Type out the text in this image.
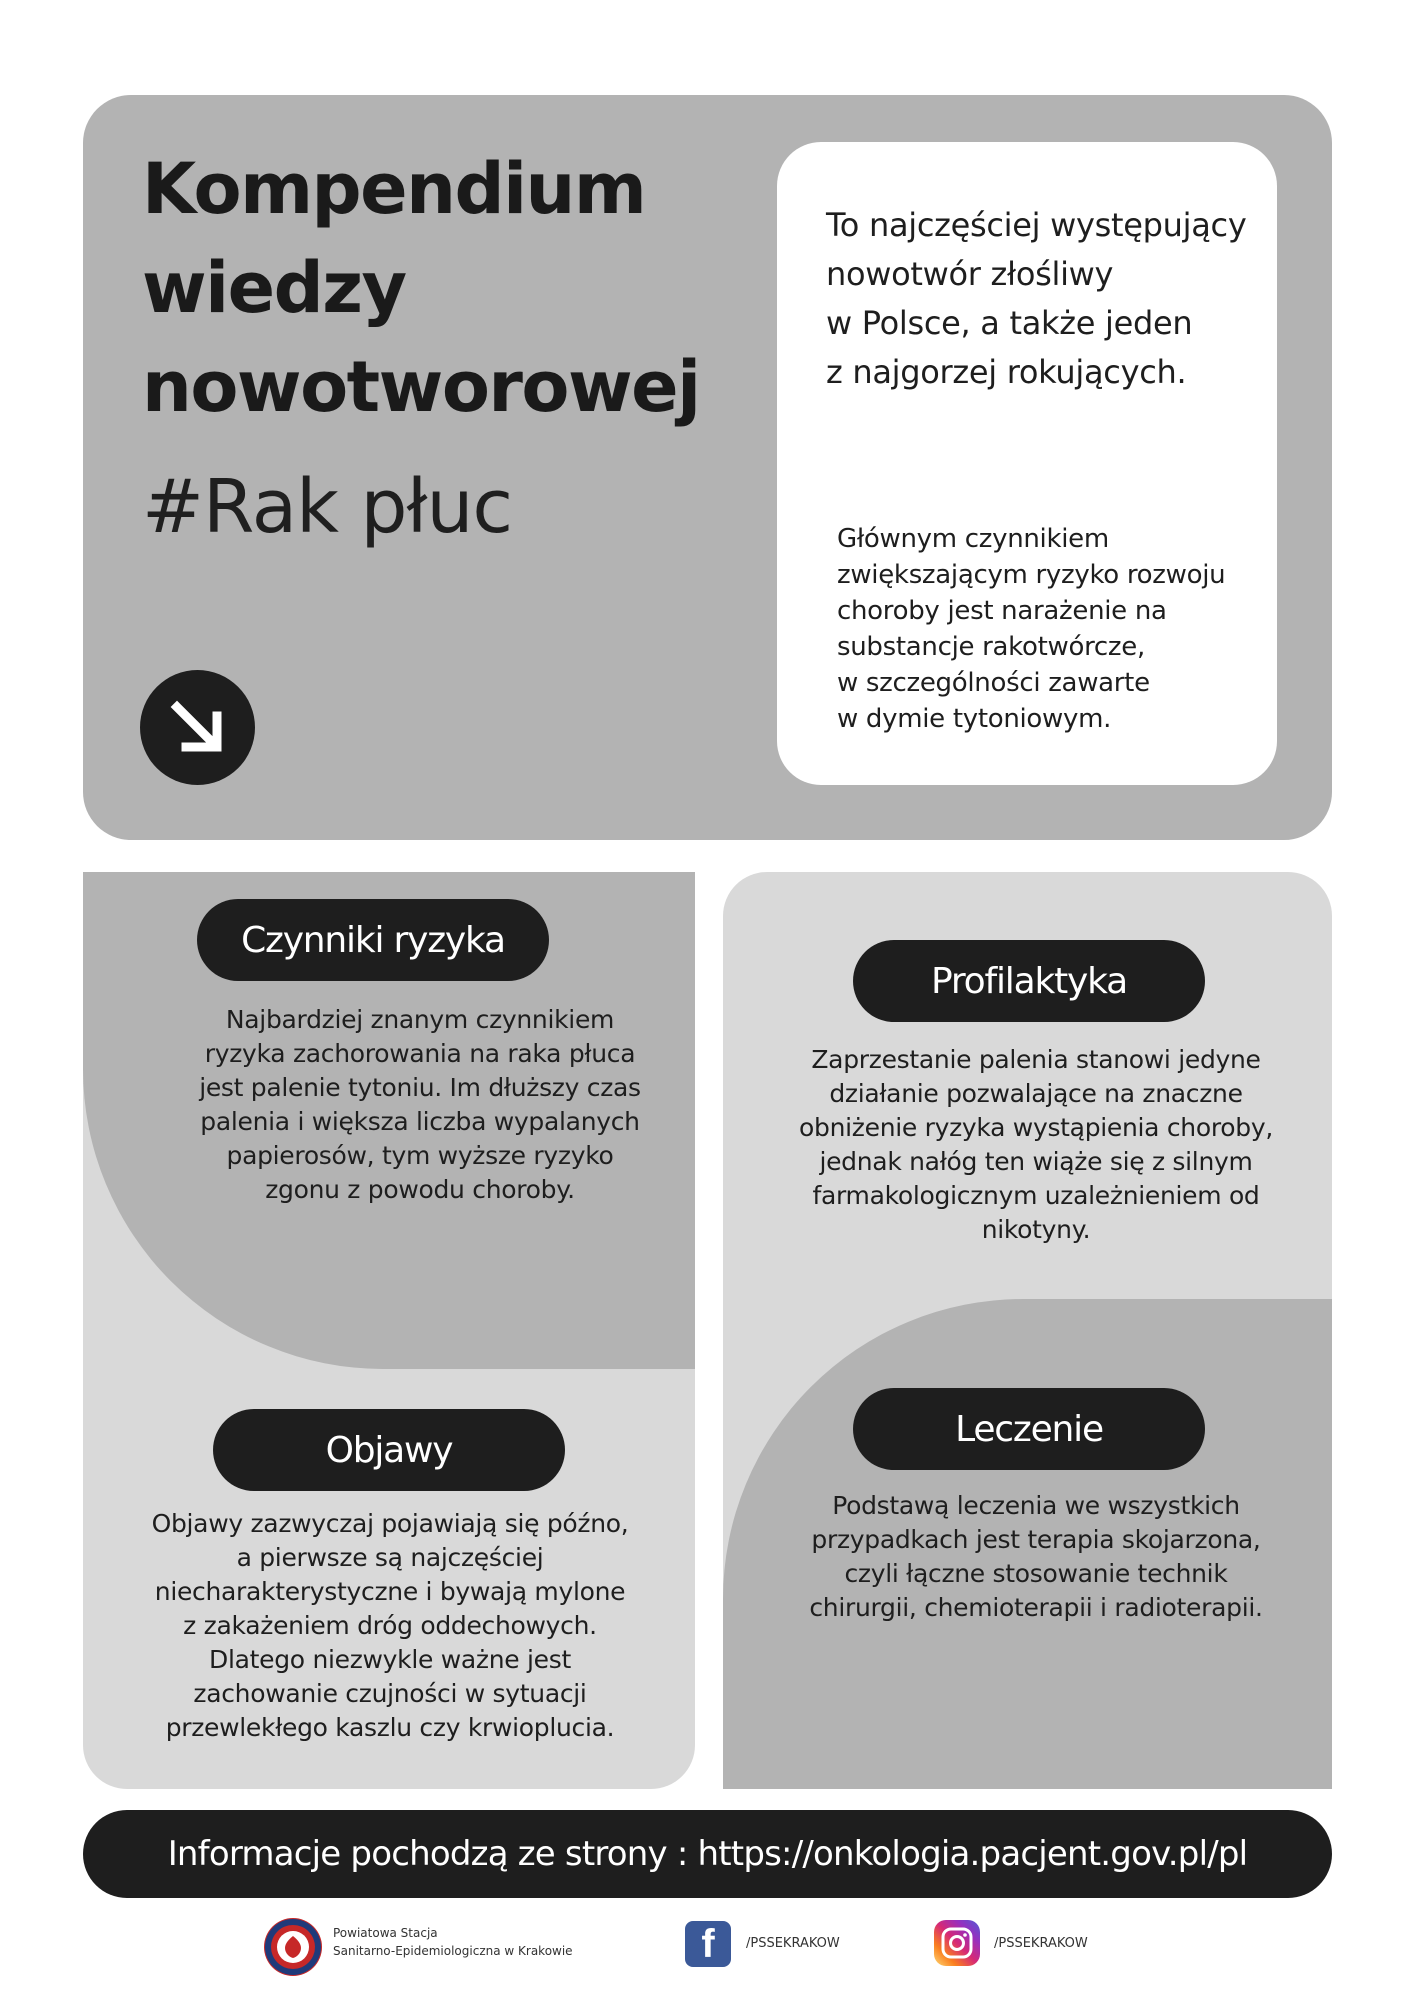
Kompendium
wiedzy
nowotworowej
#Rak płuc

To najczęściej występujący
nowotwór złośliwy
w Polsce, a także jeden
z najgorzej rokujących.

Głównym czynnikiem
zwiększającym ryzyko rozwoju
choroby jest narażenie na
substancje rakotwórcze,
w szczególności zawarte
w dymie tytoniowym.

Czynniki ryzyka

Najbardziej znanym czynnikiem
ryzyka zachorowania na raka płuca
jest palenie tytoniu. Im dłuższy czas
palenia i większa liczba wypalanych
papierosów, tym wyższe ryzyko
zgonu z powodu choroby.

Objawy

Objawy zazwyczaj pojawiają się późno,
a pierwsze są najczęściej
niecharakterystyczne i bywają mylone
z zakażeniem dróg oddechowych.
Dlatego niezwykle ważne jest
zachowanie czujności w sytuacji
przewlekłego kaszlu czy krwioplucia.

Profilaktyka

Zaprzestanie palenia stanowi jedyne
działanie pozwalające na znaczne
obniżenie ryzyka wystąpienia choroby,
jednak nałóg ten wiąże się z silnym
farmakologicznym uzależnieniem od
nikotyny.

Leczenie

Podstawą leczenia we wszystkich
przypadkach jest terapia skojarzona,
czyli łączne stosowanie technik
chirurgii, chemioterapii i radioterapii.

Informacje pochodzą ze strony : https://onkologia.pacjent.gov.pl/pl
Powiatowa Stacja
Sanitarno-Epidemiologiczna w Krakowie	f	/PSSEKRAKOW	/PSSEKRAKOW
